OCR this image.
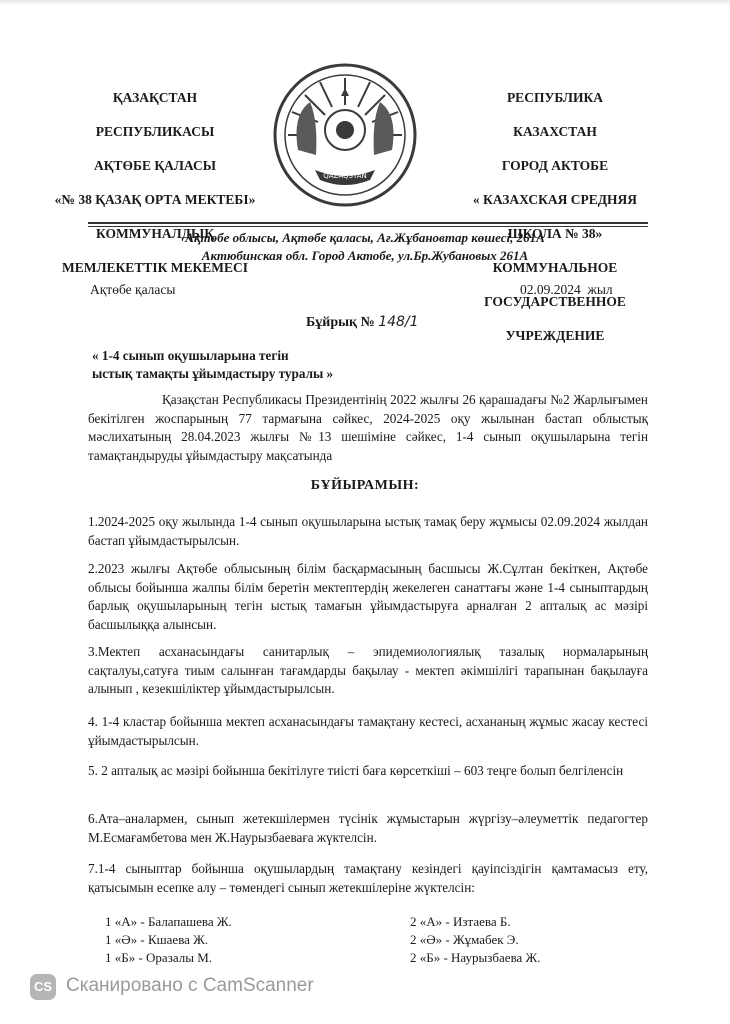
ҚАЗАҚСТАН

РЕСПУБЛИКАСЫ

АҚТӨБЕ ҚАЛАСЫ

«№ 38 ҚАЗАҚ ОРТА МЕКТЕБІ»

КОММУНАЛДЫҚ

МЕМЛЕКЕТТІК МЕКЕМЕСІ

QAZAQSTAN

РЕСПУБЛИКА

КАЗАХСТАН

ГОРОД АКТОБЕ

« КАЗАХСКАЯ СРЕДНЯЯ

ШКОЛА № 38»

КОММУНАЛЬНОЕ

ГОСУДАРСТВЕННОЕ

УЧРЕЖДЕНИЕ

Ақтөбе облысы, Ақтөбе қаласы, Ағ.Жұбановтар көшесі, 261А
Актюбинская обл. Город Актобе, ул.Бр.Жубановых 261А
Ақтөбе қаласы	02.09.2024 жыл
Бұйрық № 148/1
« 1-4 сынып оқушыларына тегін
ыстық тамақты ұйымдастыру туралы »
Қазақстан Республикасы Президентінің 2022 жылғы 26 қарашадағы №2 Жарлығымен бекітілген жоспарының 77 тармағына сәйкес, 2024-2025 оқу жылынан бастап облыстық мәслихатының 28.04.2023 жылғы №13 шешіміне сәйкес, 1-4 сынып оқушыларына тегін тамақтандыруды ұйымдастыру мақсатында
БҰЙЫРАМЫН:
1.2024-2025 оқу жылында 1-4 сынып оқушыларына ыстық тамақ беру жұмысы 02.09.2024 жылдан бастап ұйымдастырылсын.
2.2023 жылғы Ақтөбе облысының білім басқармасының басшысы Ж.Сұлтан бекіткен, Ақтөбе облысы бойынша жалпы білім беретін мектептердің жекелеген санаттағы және 1-4 сыныптардың барлық оқушыларының тегін ыстық тамағын ұйымдастыруға арналған 2 апталық ас мәзірі басшылыққа алынсын.
3.Мектеп асханасындағы санитарлық – эпидемиологиялық тазалық нормаларының сақталуы,сатуға тиым салынған тағамдарды бақылау - мектеп әкімшілігі тарапынан бақылауға алынып , кезекшіліктер ұйымдастырылсын.
4. 1-4 кластар бойынша мектеп асханасындағы тамақтану кестесі, асхананың жұмыс жасау кестесі ұйымдастырылсын.
5. 2 апталық ас мәзірі бойынша бекітілуге тиісті баға көрсеткіші – 603 теңге болып белгіленсін
6.Ата–аналармен, сынып жетекшілермен түсінік жұмыстарын жүргізу–әлеуметтік педагогтер М.Есмағамбетова мен Ж.Наурызбаевағa жүктелсін.
7.1-4 сыныптар бойынша оқушылардың тамақтану кезіндегі қауіпсіздігін қамтамасыз ету, қатысымын есепке алу – төмендегі сынып жетекшілеріне жүктелсін:
1 «А» - Балапашева Ж.
1 «Ә» - Кшаева Ж.
1 «Б» - Оразалы М.
2 «А» - Изтаева Б.
2 «Ә» - Жұмабек Э.
2 «Б» - Наурызбаева Ж.
CS Сканировано с CamScanner
